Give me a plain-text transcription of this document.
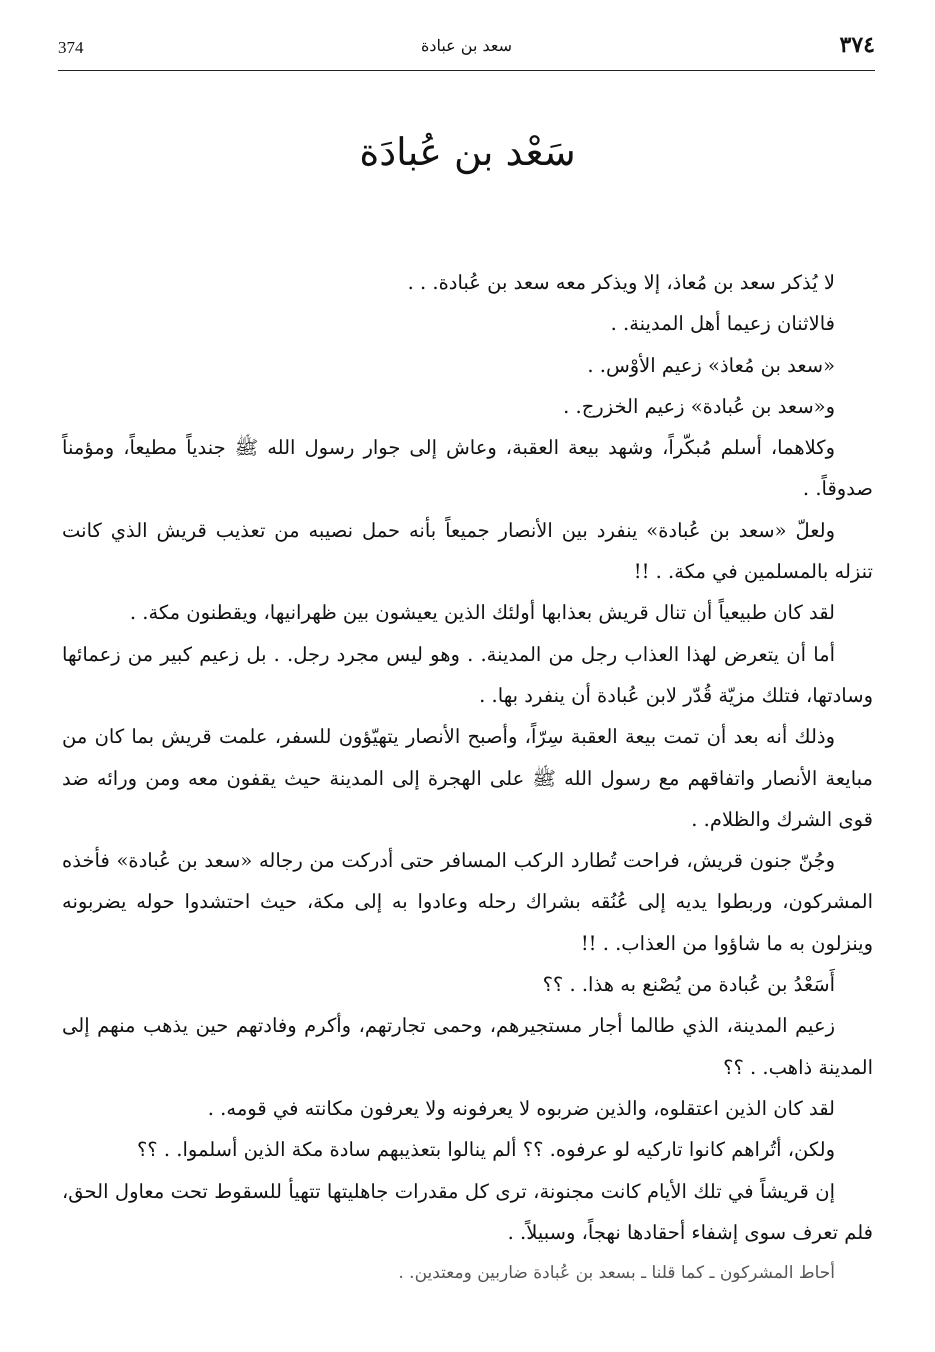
374	سعد بن عبادة	٣٧٤
سَعْد بن عُبادَة

لا يُذكر سعد بن مُعاذ، إلا ويذكر معه سعد بن عُبادة. . .

فالاثنان زعيما أهل المدينة. .

«سعد بن مُعاذ» زعيم الأوْس. .

و«سعد بن عُبادة» زعيم الخزرج. .

وكلاهما، أسلم مُبكّراً، وشهد بيعة العقبة، وعاش إلى جوار رسول الله ﷺ جندياً مطيعاً، ومؤمناً صدوقاً. .

ولعلّ «سعد بن عُبادة» ينفرد بين الأنصار جميعاً بأنه حمل نصيبه من تعذيب قريش الذي كانت تنزله بالمسلمين في مكة. . !!

لقد كان طبيعياً أن تنال قريش بعذابها أولئك الذين يعيشون بين ظهرانيها، ويقطنون مكة. .

أما أن يتعرض لهذا العذاب رجل من المدينة. . وهو ليس مجرد رجل. . بل زعيم كبير من زعمائها وسادتها، فتلك مزيّة قُدّر لابن عُبادة أن ينفرد بها. .

وذلك أنه بعد أن تمت بيعة العقبة سِرّاً، وأصبح الأنصار يتهيّؤون للسفر، علمت قريش بما كان من مبايعة الأنصار واتفاقهم مع رسول الله ﷺ على الهجرة إلى المدينة حيث يقفون معه ومن ورائه ضد قوى الشرك والظلام. .

وجُنّ جنون قريش، فراحت تُطارد الركب المسافر حتى أدركت من رجاله «سعد بن عُبادة» فأخذه المشركون، وربطوا يديه إلى عُنُقه بشراك رحله وعادوا به إلى مكة، حيث احتشدوا حوله يضربونه وينزلون به ما شاؤوا من العذاب. . !!

أَسَعْدُ بن عُبادة من يُصْنع به هذا. . ؟؟

زعيم المدينة، الذي طالما أجار مستجيرهم، وحمى تجارتهم، وأكرم وفادتهم حين يذهب منهم إلى المدينة ذاهب. . ؟؟

لقد كان الذين اعتقلوه، والذين ضربوه لا يعرفونه ولا يعرفون مكانته في قومه. .

ولكن، أتُراهم كانوا تاركيه لو عرفوه. ؟؟ ألم ينالوا بتعذيبهم سادة مكة الذين أسلموا. . ؟؟

إن قريشاً في تلك الأيام كانت مجنونة، ترى كل مقدرات جاهليتها تتهيأ للسقوط تحت معاول الحق، فلم تعرف سوى إشفاء أحقادها نهجاً، وسبيلاً. .

أحاط المشركون ـ كما قلنا ـ بسعد بن عُبادة ضاربين ومعتدين. .
